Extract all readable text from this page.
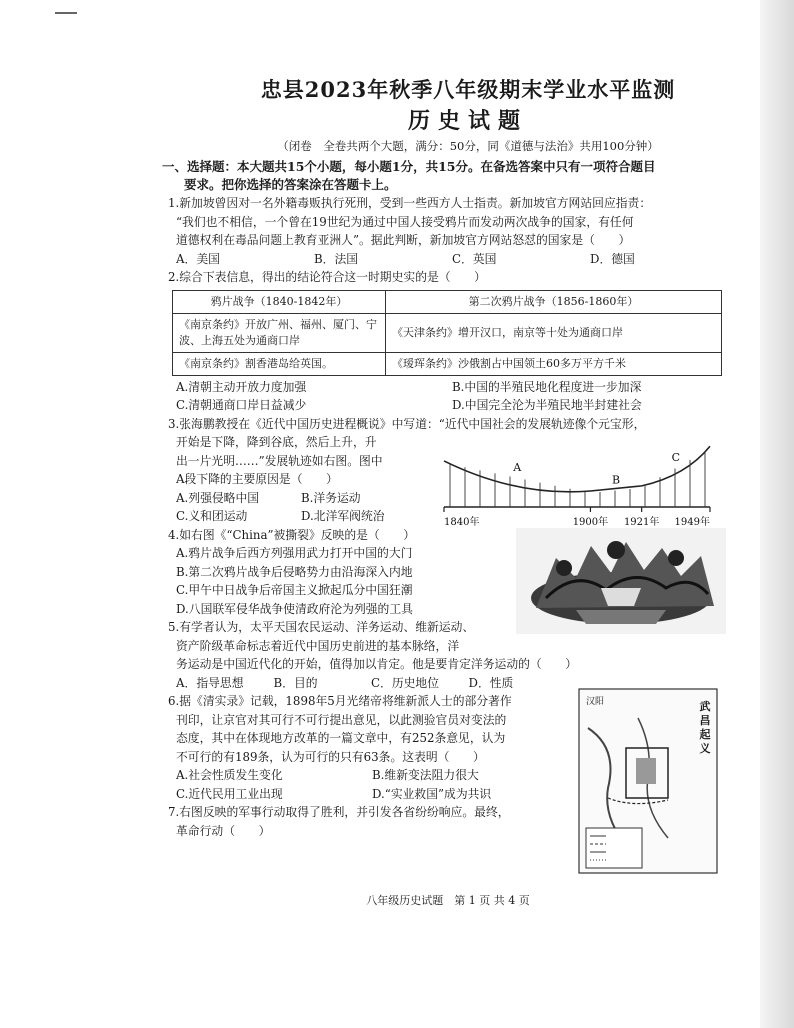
忠县2023年秋季八年级期末学业水平监测
历史试题
（闭卷　全卷共两个大题，满分：50分，同《道德与法治》共用100分钟）
一、选择题：本大题共15个小题，每小题1分，共15分。在备选答案中只有一项符合题目
要求。把你选择的答案涂在答题卡上。
1.新加坡曾因对一名外籍毒贩执行死刑，受到一些西方人士指责。新加坡官方网站回应指责：
“我们也不相信，一个曾在19世纪为通过中国人接受鸦片而发动两次战争的国家，有任何
道德权利在毒品问题上教育亚洲人”。据此判断，新加坡官方网站怒怼的国家是（　　）
A．美国	B．法国	C．英国	D．德国
2.综合下表信息，得出的结论符合这一时期史实的是（　　）
鸦片战争（1840-1842年）	第二次鸦片战争（1856-1860年）
《南京条约》开放广州、福州、厦门、宁波、上海五处为通商口岸	《天津条约》增开汉口，南京等十处为通商口岸
《南京条约》割香港岛给英国。	《瑷珲条约》沙俄割占中国领土60多万平方千米
A.清朝主动开放力度加强	B.中国的半殖民地化程度进一步加深
C.清朝通商口岸日益减少	D.中国完全沦为半殖民地半封建社会
3.张海鹏教授在《近代中国历史进程概说》中写道：“近代中国社会的发展轨迹像个元宝形，
开始是下降，降到谷底，然后上升，升
出一片光明……”发展轨迹如右图。图中
A段下降的主要原因是（　　）
A.列强侵略中国	B.洋务运动
C.义和团运动	D.北洋军阀统治	1840年	1900年 1921年 1949年
A
B
C
4.如右图《“China”被撕裂》反映的是（　　）
A.鸦片战争后西方列强用武力打开中国的大门
B.第二次鸦片战争后侵略势力由沿海深入内地
C.甲午中日战争后帝国主义掀起瓜分中国狂潮
D.八国联军侵华战争使清政府沦为列强的工具
5.有学者认为，太平天国农民运动、洋务运动、维新运动、
资产阶级革命标志着近代中国历史前进的基本脉络，洋
务运动是中国近代化的开始，值得加以肯定。他是要肯定洋务运动的（　　）
A．指导思想	B．目的	C．历史地位	D．性质
6.据《清实录》记载，1898年5月光绪帝将维新派人士的部分著作
刊印，让京官对其可行不可行提出意见，以此测验官员对变法的
态度，其中在体现地方改革的一篇文章中，有252条意见，认为
不可行的有189条，认为可行的只有63条。这表明（　　）
A.社会性质发生变化	B.维新变法阻力很大
C.近代民用工业出现	D.“实业救国”成为共识
7.右图反映的军事行动取得了胜利，并引发各省纷纷响应。最终，
革命行动（　　）
汉阳	武昌起义
八年级历史试题　第 1 页 共 4 页
